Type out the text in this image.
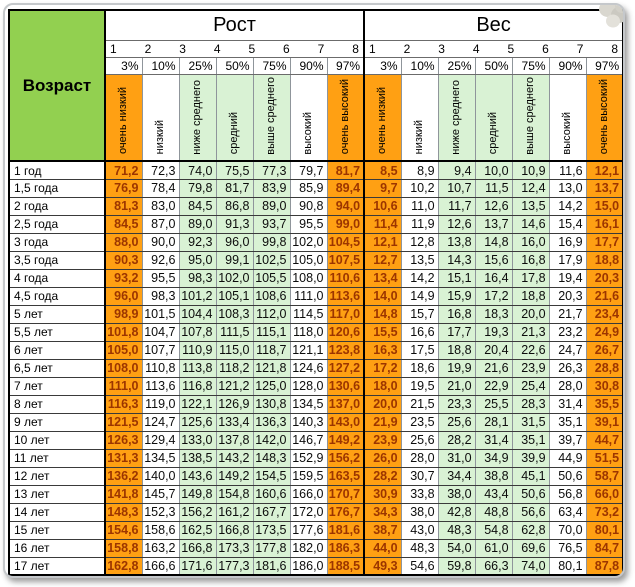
Возраст	Рост							Вес						

1 2 3 4 5 6 7 8	1 2 3 4 5 6 7 8

	3%	10%	25%	50%	75%	90%	97%	3%	10%	25%	50%	75%	90%	97%
	очень низкий	низкий	ниже среднего	средний	выше среднего	высокий	очень высокий	очень низкий	низкий	ниже среднего	средний	выше среднего	высокий	очень высокий
1 год	71,2	72,3	74,0	75,5	77,3	79,7	81,7	8,5	8,9	9,4	10,0	10,9	11,6	12,1
1,5 года	76,9	78,4	79,8	81,7	83,9	85,9	89,4	9,7	10,2	10,7	11,5	12,4	13,0	13,7
2 года	81,3	83,0	84,5	86,8	89,0	90,8	94,0	10,6	11,0	11,7	12,6	13,5	14,2	15,0
2,5 года	84,5	87,0	89,0	91,3	93,7	95,5	99,0	11,4	11,9	12,6	13,7	14,6	15,4	16,1
3 года	88,0	90,0	92,3	96,0	99,8	102,0	104,5	12,1	12,8	13,8	14,8	16,0	16,9	17,7
3,5 года	90,3	92,6	95,0	99,1	102,5	105,0	107,5	12,7	13,5	14,3	15,6	16,8	17,9	18,8
4 года	93,2	95,5	98,3	102,0	105,5	108,0	110,6	13,4	14,2	15,1	16,4	17,8	19,4	20,3
4,5 года	96,0	98,3	101,2	105,1	108,6	111,0	113,6	14,0	14,9	15,9	17,2	18,8	20,3	21,6
5 лет	98,9	101,5	104,4	108,3	112,0	114,5	117,0	14,8	15,7	16,8	18,3	20,0	21,7	23,4
5,5 лет	101,8	104,7	107,8	111,5	115,1	118,0	120,6	15,5	16,6	17,7	19,3	21,3	23,2	24,9
6 лет	105,0	107,7	110,9	115,0	118,7	121,1	123,8	16,3	17,5	18,8	20,4	22,6	24,7	26,7
6,5 лет	108,0	110,8	113,8	118,2	121,8	124,6	127,2	17,2	18,6	19,9	21,6	23,9	26,3	28,8
7 лет	111,0	113,6	116,8	121,2	125,0	128,0	130,6	18,0	19,5	21,0	22,9	25,4	28,0	30,8
8 лет	116,3	119,0	122,1	126,9	130,8	134,5	137,0	20,0	21,5	23,3	25,5	28,3	31,4	35,5
9 лет	121,5	124,7	125,6	133,4	136,3	140,3	143,0	21,9	23,5	25,6	28,1	31,5	35,1	39,1
10 лет	126,3	129,4	133,0	137,8	142,0	146,7	149,2	23,9	25,6	28,2	31,4	35,1	39,7	44,7
11 лет	131,3	134,5	138,5	143,2	148,3	152,9	156,2	26,0	28,0	31,0	34,9	39,9	44,9	51,5
12 лет	136,2	140,0	143,6	149,2	154,5	159,5	163,5	28,2	30,7	34,4	38,8	45,1	50,6	58,7
13 лет	141,8	145,7	149,8	154,8	160,6	166,0	170,7	30,9	33,8	38,0	43,4	50,6	56,8	66,0
14 лет	148,3	152,3	156,2	161,2	167,7	172,0	176,7	34,3	38,0	42,8	48,8	56,6	63,4	73,2
15 лет	154,6	158,6	162,5	166,8	173,5	177,6	181,6	38,7	43,0	48,3	54,8	62,8	70,0	80,1
16 лет	158,8	163,2	166,8	173,3	177,8	182,0	186,3	44,0	48,3	54,0	61,0	69,6	76,5	84,7
17 лет	162,8	166,6	171,6	177,3	181,6	186,0	188,5	49,3	54,6	59,8	66,3	74,0	80,1	87,8
